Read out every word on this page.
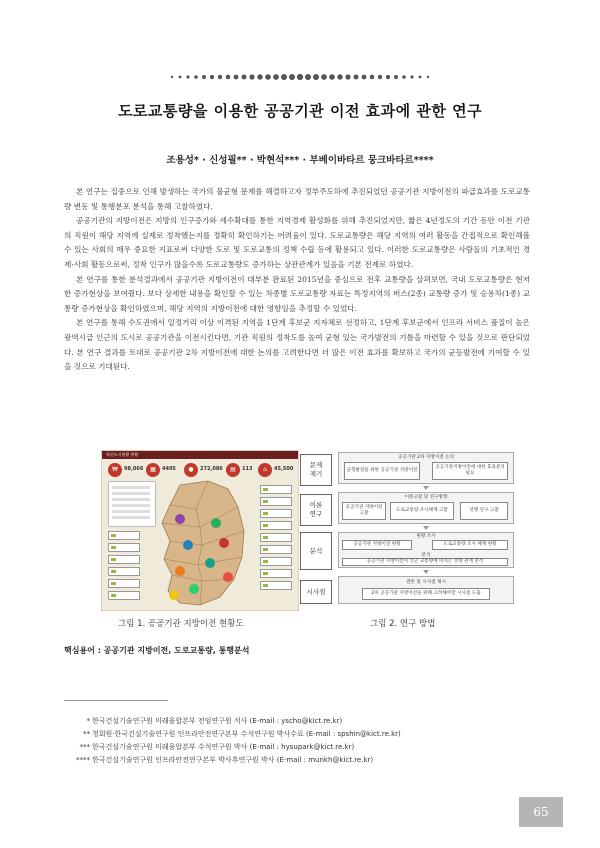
도로교통량을 이용한 공공기관 이전 효과에 관한 연구
조용성* · 신성필** · 박현석*** · 부베이바타르 뭉크바타르****

본 연구는 집중으로 인해 발생하는 국가의 불균형 문제를 해결하고자 정부주도하에 추진되었던 공공기관 지방이전의 파급효과를 도로교통량 변동 및 통행분포 분석을 통해 고찰하였다.

공공기관의 지방이전은 지방의 인구증가와 세수확대를 통한 지역경제 활성화를 위해 추진되었지만, 짧은 4년정도의 기간 동안 이전 기관의 직원이 해당 지역에 실제로 정착했는지를 정확히 확인하기는 어려움이 있다. 도로교통량은 해당 지역의 여러 활동을 간접적으로 확인해볼 수 있는 사회의 매우 중요한 지표로써 다양한 도로 및 도로교통의 정책 수립 등에 활용되고 있다. 이러한 도로교통량은 사람들의 기초적인 경제·사회 활동으로써, 정착 인구가 많을수록 도로교통량도 증가하는 상관관계가 있음을 기본 전제로 하였다.

본 연구를 통한 분석결과에서 공공기관 지방이전이 대부분 완료된 2015년을 중심으로 전후 교통량을 살펴보면, 국내 도로교통량은 현저한 증가현상을 보여줬다. 보다 상세한 내용을 확인할 수 있는 차종별 도로교통량 자료는 특정지역의 버스(2종) 교통량 증가 및 승용차(1종) 교통량 증가현상을 확인하였으며, 해당 지역의 지방이전에 대한 영향임을 추정할 수 있었다.

본 연구를 통해 수도권에서 일정거리 이상 이격된 지역을 1단계 후보군 지자체로 선정하고, 1단계 후보군에서 인프라 서비스 품질이 높은 광역시급 인근의 도시로 공공기관을 이전시킨다면, 기관 직원의 정착도를 높여 균형 있는 국가발전의 기틀을 마련할 수 있을 것으로 판단되었다. 본 연구 결과를 토대로 공공기관 2차 지방이전에 대한 논의를 고려한다면 더 많은 이전 효과를 확보하고 국가의 균등발전에 기여할 수 있을 것으로 기대된다.

혁신도시현황 현황
₩	98,066	▦	4405	●	272,086	▤	113	⌂	45,500
그림 1. 공공기관 지방이전 현황도
문제
제기
이론
연구
분석
시사점
공공기관 2차 지방이전 논의
균형발전을 위한 공공기관 지방이전
공공기관지방이전에 대한 효과분석 필요
이론고찰 및 연구방향
공공기관 지방이전 고찰
도로교통량 조사체계 고찰	선행 연구 고찰
현황 조사
공공기관 지방이전 현황	도로교통량 조사 체계 현황
분석
공공기관 지방이전이 인근 교통량에 미치는 영향 관계 분석
결론 및 시사점 제시
2차 공공기관 지방이전을 위해 고려해야할 시사점 도출
그림 2. 연구 방법
핵심용어 : 공공기관 지방이전, 도로교통량, 통행분석
* 한국건설기술연구원 미래융합본부 전임연구원 석사 (E-mail : yscho@kict.re.kr)
** 청회원·한국건설기술연구원 인프라안전연구본부 수석연구원 박사수료 (E-mail : spshin@kict.re.kr)
*** 한국건설기술연구원 미래융합본부 수석연구원 박사 (E-mail : hysupark@kict.re.kr)
**** 한국건설기술연구원 인프라안전연구본부 박사후연구원 박사 (E-mail : munkh@kict.re.kr)
65
